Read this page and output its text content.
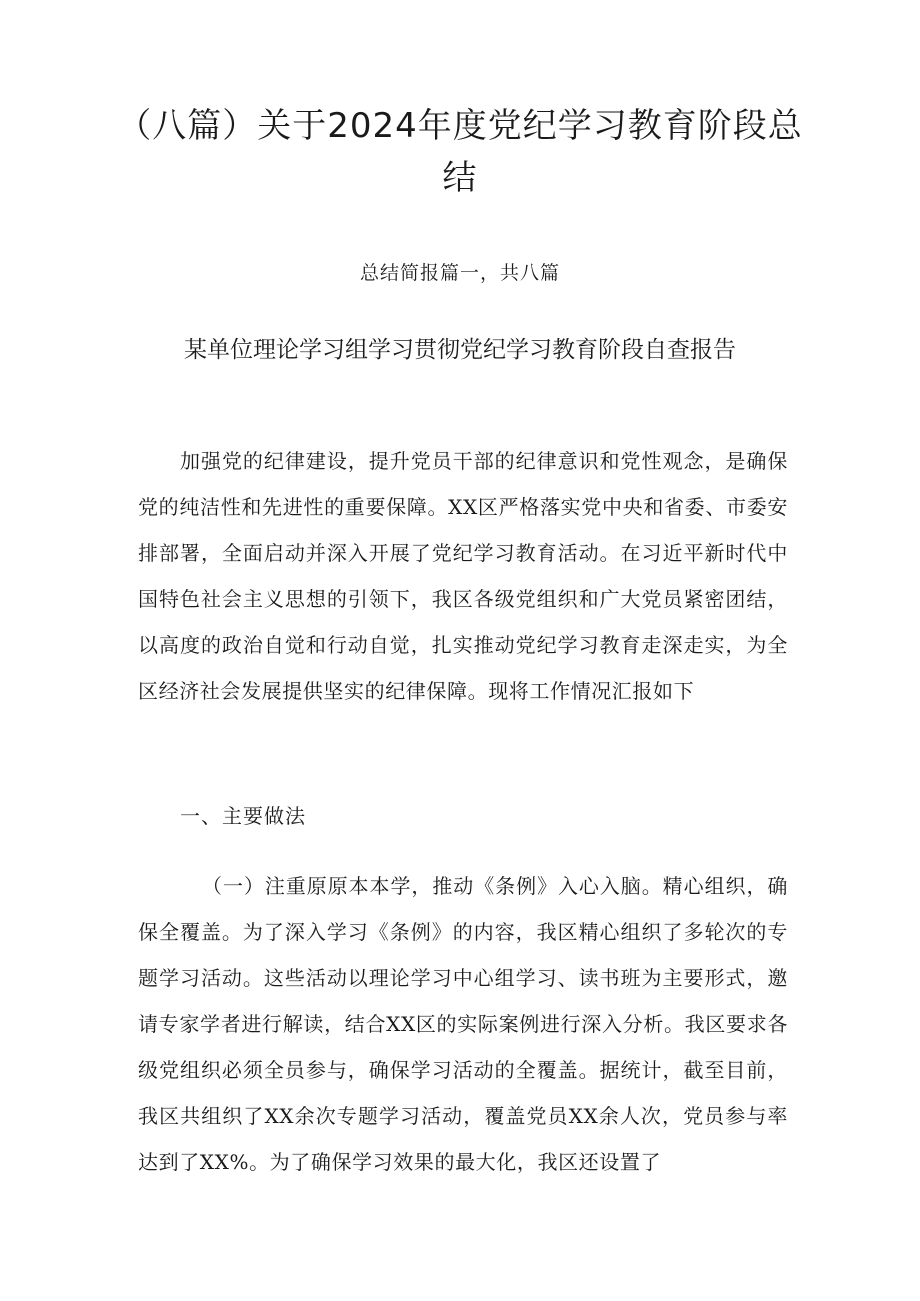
（八篇）关于2024年度党纪学习教育阶段总结
总结简报篇一，共八篇
某单位理论学习组学习贯彻党纪学习教育阶段自查报告

加强党的纪律建设，提升党员干部的纪律意识和党性观念，是确保党的纯洁性和先进性的重要保障。XX区严格落实党中央和省委、市委安排部署，全面启动并深入开展了党纪学习教育活动。在习近平新时代中国特色社会主义思想的引领下，我区各级党组织和广大党员紧密团结，以高度的政治自觉和行动自觉，扎实推动党纪学习教育走深走实，为全区经济社会发展提供坚实的纪律保障。现将工作情况汇报如下

一、主要做法

（一）注重原原本本学，推动《条例》入心入脑。精心组织，确保全覆盖。为了深入学习《条例》的内容，我区精心组织了多轮次的专题学习活动。这些活动以理论学习中心组学习、读书班为主要形式，邀请专家学者进行解读，结合XX区的实际案例进行深入分析。我区要求各级党组织必须全员参与，确保学习活动的全覆盖。据统计，截至目前，我区共组织了XX余次专题学习活动，覆盖党员XX余人次，党员参与率达到了XX%。为了确保学习效果的最大化，我区还设置了
